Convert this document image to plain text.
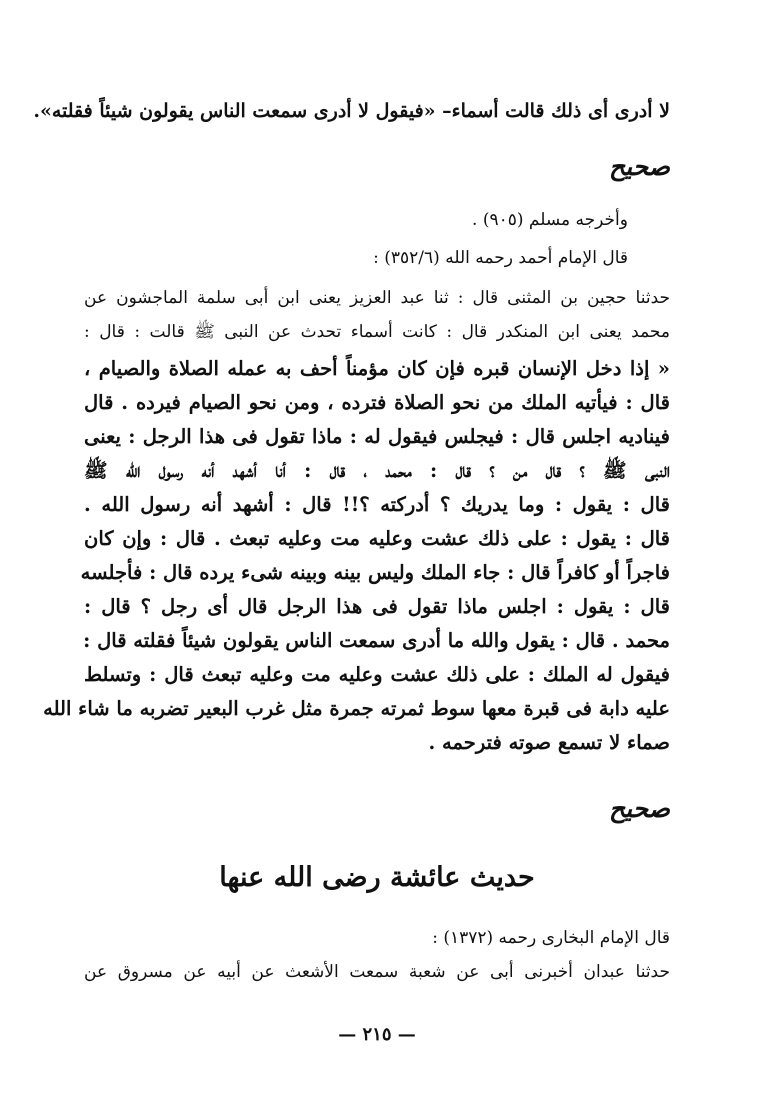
لا أدرى أى ذلك قالت أسماء– «فيقول لا أدرى سمعت الناس يقولون شيئاً فقلته».
صحيح
وأخرجه مسلم (٩٠٥) .
قال الإمام أحمد رحمه الله (٣٥٢/٦) :
حدثنا حجين بن المثنى قال : ثنا عبد العزيز يعنى ابن أبى سلمة الماجشون عن
محمد يعنى ابن المنكدر قال : كانت أسماء تحدث عن النبى ﷺ قالت : قال :
« إذا دخل الإنسان قبره فإن كان مؤمناً أحف به عمله الصلاة والصيام ،
قال : فيأتيه الملك من نحو الصلاة فترده ، ومن نحو الصيام فيرده . قال
فيناديه اجلس قال : فيجلس فيقول له : ماذا تقول فى هذا الرجل : يعنى
النبى ﷺ ؟ قال من ؟ قال : محمد ، قال : أنا أشهد أنه رسول الله ﷺ
قال : يقول : وما يدريك ؟ أدركته ؟!! قال : أشهد أنه رسول الله .
قال : يقول : على ذلك عشت وعليه مت وعليه تبعث . قال : وإن كان
فاجراً أو كافراً قال : جاء الملك وليس بينه وبينه شىء يرده قال : فأجلسه
قال : يقول : اجلس ماذا تقول فى هذا الرجل قال أى رجل ؟ قال :
محمد . قال : يقول والله ما أدرى سمعت الناس يقولون شيئاً فقلته قال :
فيقول له الملك : على ذلك عشت وعليه مت وعليه تبعث قال : وتسلط
عليه دابة فى قبرة معها سوط ثمرته جمرة مثل غرب البعير تضربه ما شاء الله
صماء لا تسمع صوته فترحمه .
صحيح
حديث عائشة رضى الله عنها
قال الإمام البخارى رحمه (١٣٧٢) :
حدثنا عبدان أخبرنى أبى عن شعبة سمعت الأشعث عن أبيه عن مسروق عن
— ٢١٥ —
